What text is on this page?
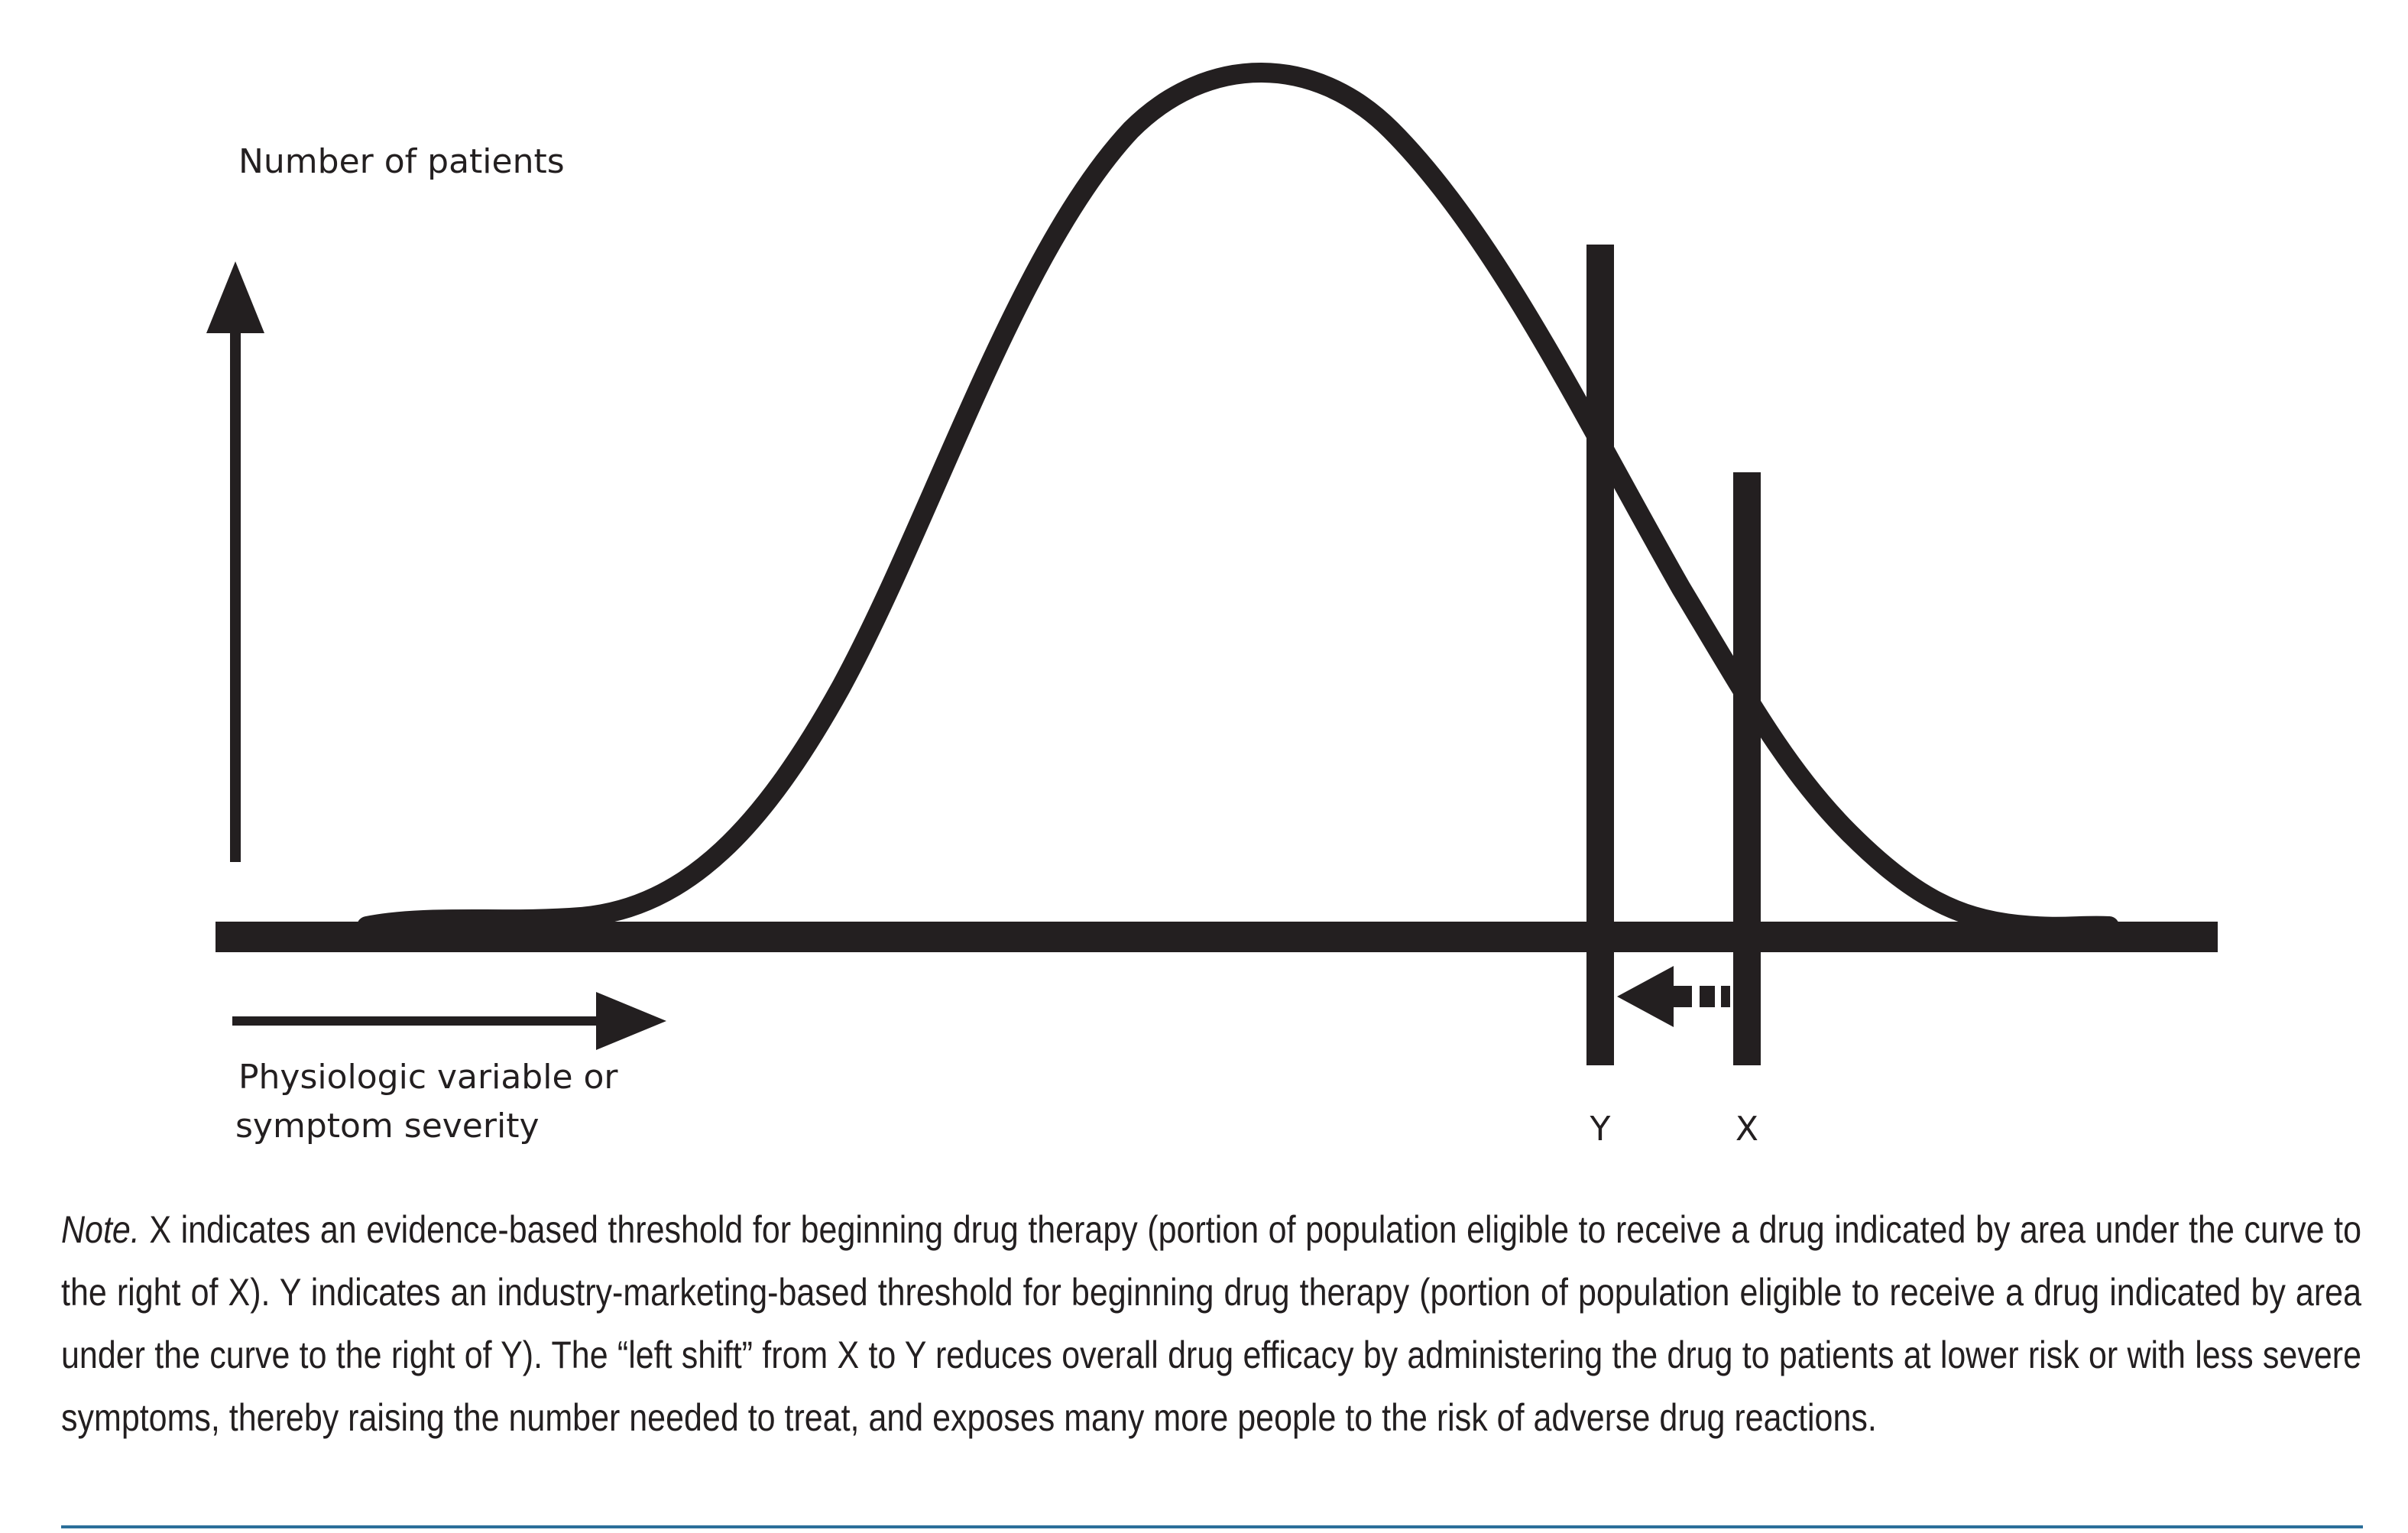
Number of patients
Physiologic variable or
symptom severity	Y	X
Note. X indicates an evidence-based threshold for beginning drug therapy (portion of population eligible to receive a drug indicated by area under the curve to the right of X). Y indicates an industry-marketing-based threshold for beginning drug therapy (portion of population eligible to receive a drug indicated by area under the curve to the right of Y). The “left shift” from X to Y reduces overall drug efficacy by administering the drug to patients at lower risk or with less severe symptoms, thereby raising the number needed to treat, and exposes many more people to the risk of adverse drug reactions.
